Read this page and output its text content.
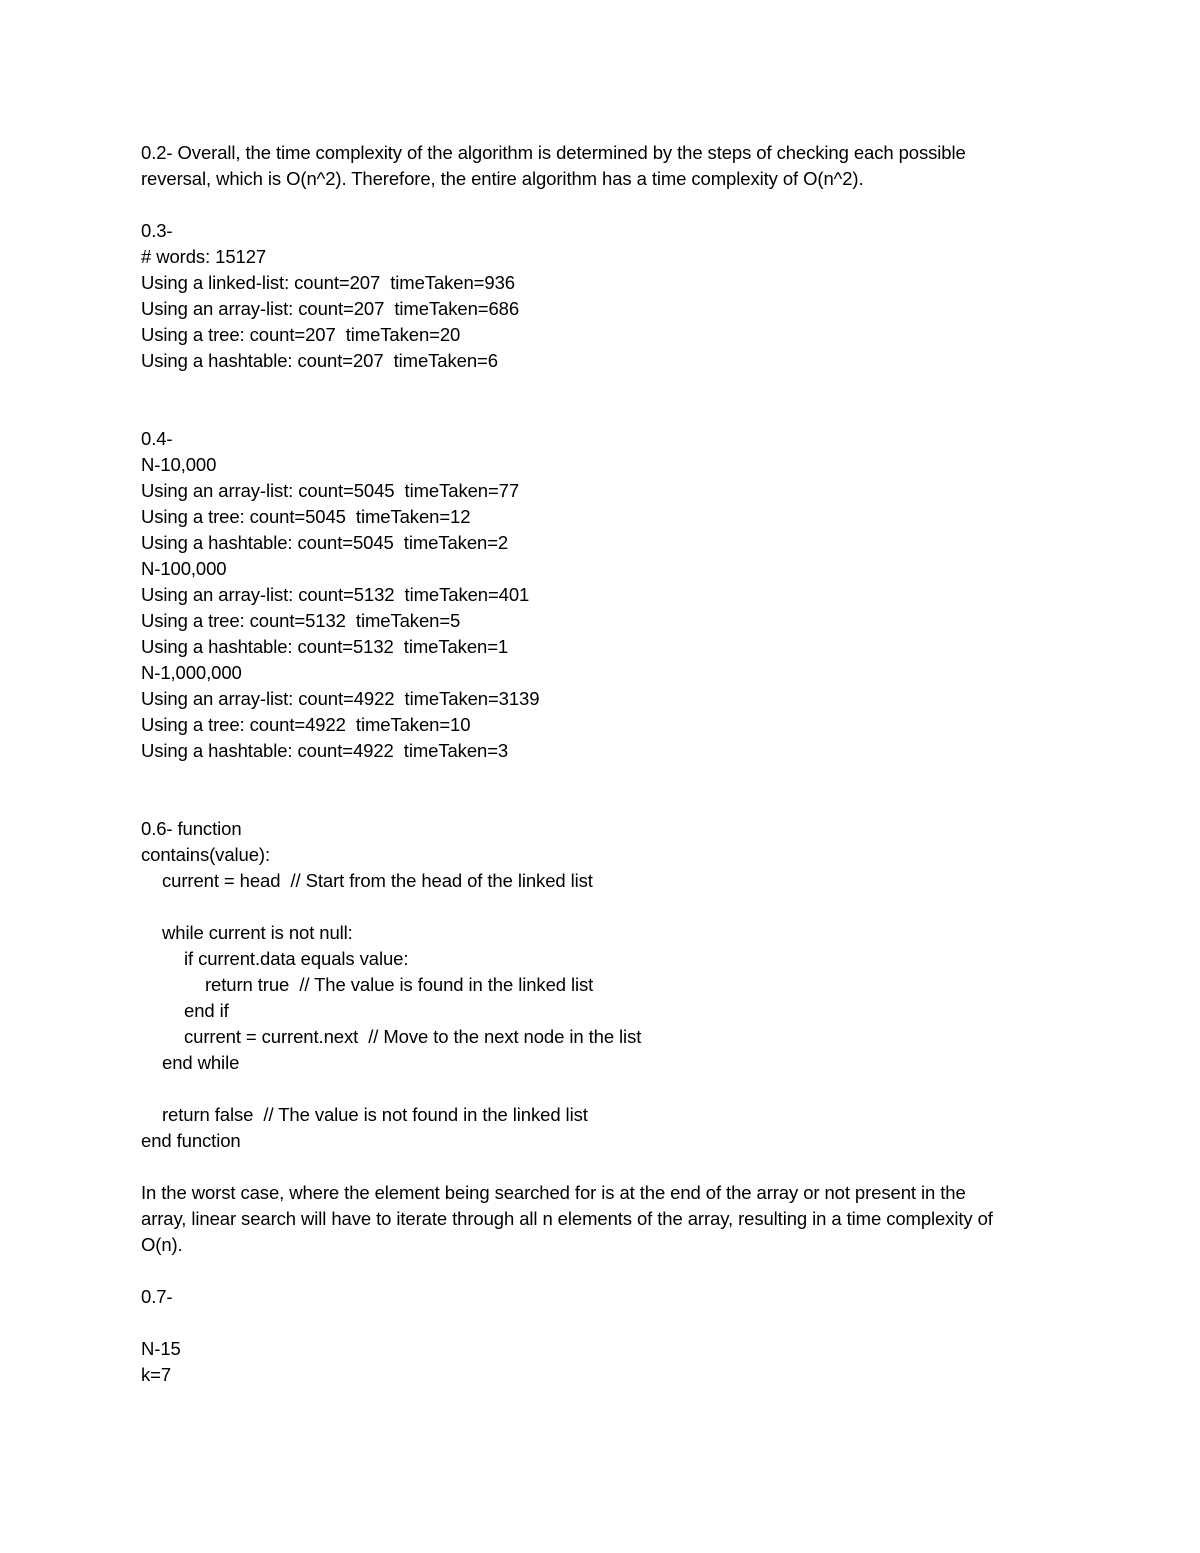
0.2- Overall, the time complexity of the algorithm is determined by the steps of checking each possible
reversal, which is O(n^2). Therefore, the entire algorithm has a time complexity of O(n^2).
0.3-
# words: 15127
Using a linked-list: count=207  timeTaken=936
Using an array-list: count=207  timeTaken=686
Using a tree: count=207  timeTaken=20
Using a hashtable: count=207  timeTaken=6
0.4-
N-10,000
Using an array-list: count=5045  timeTaken=77
Using a tree: count=5045  timeTaken=12
Using a hashtable: count=5045  timeTaken=2
N-100,000
Using an array-list: count=5132  timeTaken=401
Using a tree: count=5132  timeTaken=5
Using a hashtable: count=5132  timeTaken=1
N-1,000,000
Using an array-list: count=4922  timeTaken=3139
Using a tree: count=4922  timeTaken=10
Using a hashtable: count=4922  timeTaken=3
0.6- function
contains(value):
current = head  // Start from the head of the linked list
while current is not null:
if current.data equals value:
return true  // The value is found in the linked list
end if
current = current.next  // Move to the next node in the list
end while
return false  // The value is not found in the linked list
end function
In the worst case, where the element being searched for is at the end of the array or not present in the
array, linear search will have to iterate through all n elements of the array, resulting in a time complexity of
O(n).
0.7-
N-15
k=7
